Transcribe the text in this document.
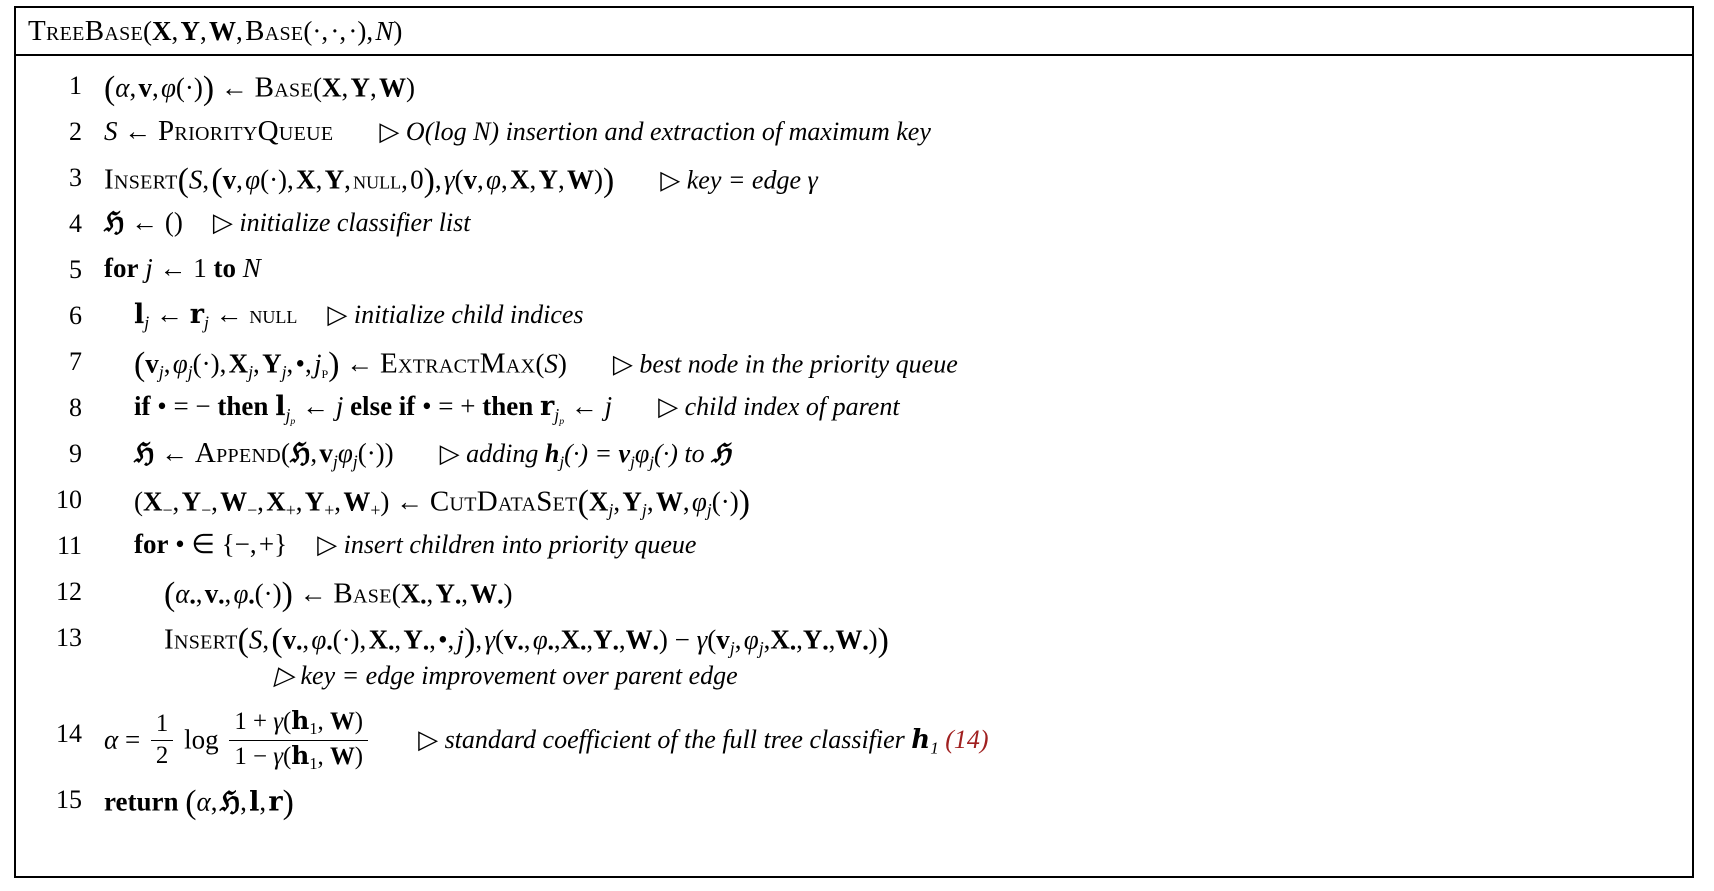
TreeBase (X, Y, W, Base(·, ·, ·), N)
1 (α, v, φ(·)) ← Base(X, Y, W)
2 S ← PriorityQueue ▷ O(log N) insertion and extraction of maximum key
3 Insert(S, (v, φ(·), X, Y, null, 0), γ(v, φ, X, Y, W)) ▷ key = edge γ
4 ℌ ← () ▷ initialize classifier list
5 for j ← 1 to N
6	$l_j$ ← $r_j$ ← null ▷ initialize child indices
7	($v_j$, $\varphi_j(\cdot)$, $X_j$, $Y_j$, •, $j_p$) ← ExtractMax(S) ▷ best node in the priority queue
8	if • = − then $l_{jp}$ ← j else if • = + then $r_{jp}$ ← j ▷ child index of parent
9	ℌ ← Append(ℌ, $v_j\varphi_j(\cdot)$) ▷ adding $h_j(\cdot) = v_j\varphi_j(\cdot)$ to ℌ
10	($X_-$, $Y_-$, $W_-$, $X_+$, $Y_+$, $W_+$) ← $CutDataSet(X_j$, $Y_j$, W, $\varphi_j(\cdot)$)
11	for • ∈ {−, +} ▷ insert children into priority queue
12	($\alpha_•$, $v_•$, $\varphi_•(\cdot)$) ← $Base(X_•$, $Y_•$, $W_•$)
13	Insert(S, ($v_•$, $\varphi_•(\cdot)$, $X_•$, $Y_•$, •, j), $\gamma(v_•$, $\varphi_•,X_•,Y_•,W_•) - \gamma(v_j$, $\varphi_j,X_•,Y_•,W_•$))
▷ key = edge improvement over parent edge
14 $\alpha = \frac{1}{2}$ $\log \frac{1 + \gamma(h_1, W)}{1 - \gamma(h_1, W)}$ ▷ standard coefficient of the full tree classifier $h_1$ (14)
15 return (α, ℌ, l, r)
